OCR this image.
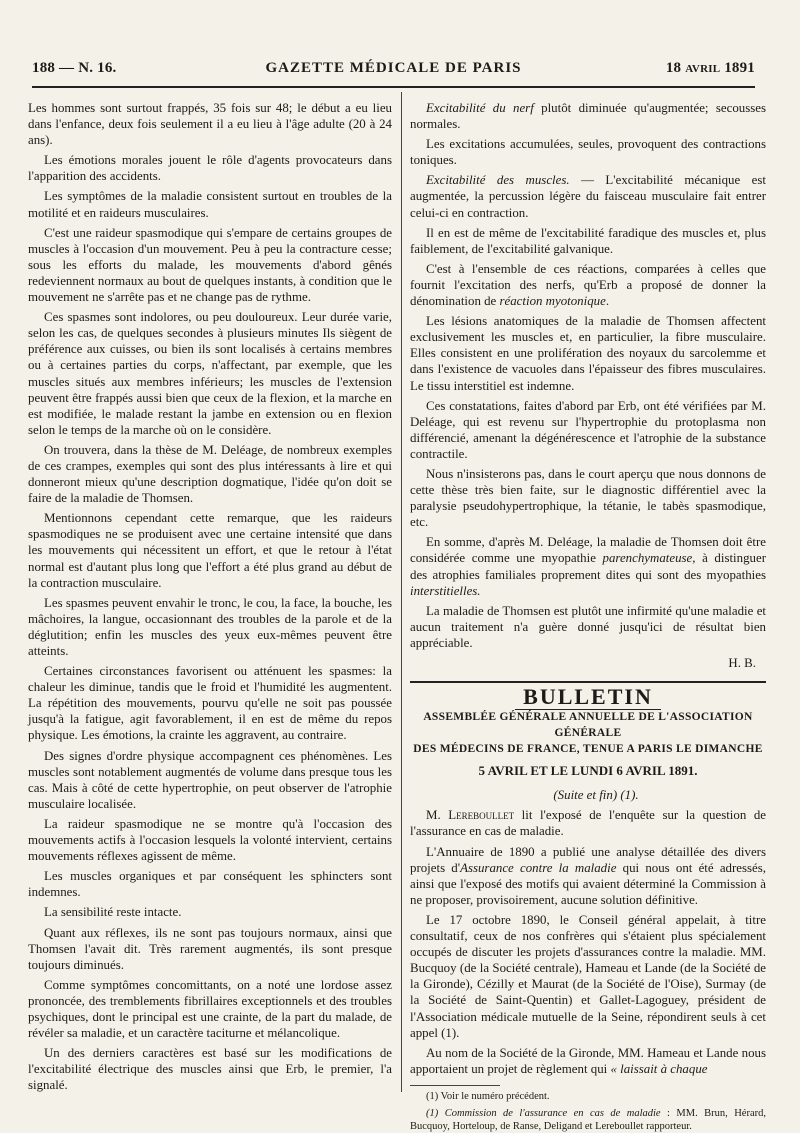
188 — N. 16.	GAZETTE MÉDICALE DE PARIS	18 AVRIL 1891

Les hommes sont surtout frappés, 35 fois sur 48; le début a eu lieu dans l'enfance, deux fois seulement il a eu lieu à l'âge adulte (20 à 24 ans).

Les émotions morales jouent le rôle d'agents provocateurs dans l'apparition des accidents.

Les symptômes de la maladie consistent surtout en troubles de la motilité et en raideurs musculaires.

C'est une raideur spasmodique qui s'empare de certains groupes de muscles à l'occasion d'un mouvement. Peu à peu la contracture cesse; sous les efforts du malade, les mouvements d'abord gênés redeviennent normaux au bout de quelques instants, à condition que le mouvement ne s'arrête pas et ne change pas de rythme.

Ces spasmes sont indolores, ou peu douloureux. Leur durée varie, selon les cas, de quelques secondes à plusieurs minutes Ils siègent de préférence aux cuisses, ou bien ils sont localisés à certains membres ou à certaines parties du corps, n'affectant, par exemple, que les muscles situés aux membres inférieurs; les muscles de l'extension peuvent être frappés aussi bien que ceux de la flexion, et la marche en est modifiée, le malade restant la jambe en extension ou en flexion selon le temps de la marche où on le considère.

On trouvera, dans la thèse de M. Deléage, de nombreux exemples de ces crampes, exemples qui sont des plus intéressants à lire et qui donneront mieux qu'une description dogmatique, l'idée qu'on doit se faire de la maladie de Thomsen.

Mentionnons cependant cette remarque, que les raideurs spasmodiques ne se produisent avec une certaine intensité que dans les mouvements qui nécessitent un effort, et que le retour à l'état normal est d'autant plus long que l'effort a été plus grand au début de la contraction musculaire.

Les spasmes peuvent envahir le tronc, le cou, la face, la bouche, les mâchoires, la langue, occasionnant des troubles de la parole et de la déglutition; enfin les muscles des yeux eux-mêmes peuvent être atteints.

Certaines circonstances favorisent ou atténuent les spasmes: la chaleur les diminue, tandis que le froid et l'humidité les augmentent. La répétition des mouvements, pourvu qu'elle ne soit pas poussée jusqu'à la fatigue, agit favorablement, il en est de même du repos physique. Les émotions, la crainte les aggravent, au contraire.

Des signes d'ordre physique accompagnent ces phénomènes. Les muscles sont notablement augmentés de volume dans presque tous les cas. Mais à côté de cette hypertrophie, on peut observer de l'atrophie musculaire localisée.

La raideur spasmodique ne se montre qu'à l'occasion des mouvements actifs à l'occasion lesquels la volonté intervient, certains mouvements réflexes agissent de même.

Les muscles organiques et par conséquent les sphincters sont indemnes.

La sensibilité reste intacte.

Quant aux réflexes, ils ne sont pas toujours normaux, ainsi que Thomsen l'avait dit. Très rarement augmentés, ils sont presque toujours diminués.

Comme symptômes concomittants, on a noté une lordose assez prononcée, des tremblements fibrillaires exceptionnels et des troubles psychiques, dont le principal est une crainte, de la part du malade, de révéler sa maladie, et un caractère taciturne et mélancolique.

Un des derniers caractères est basé sur les modifications de l'excitabilité électrique des muscles ainsi que Erb, le premier, l'a signalé.

Excitabilité du nerf plutôt diminuée qu'augmentée; secousses normales.

Les excitations accumulées, seules, provoquent des contractions toniques.

Excitabilité des muscles. — L'excitabilité mécanique est augmentée, la percussion légère du faisceau musculaire fait entrer celui-ci en contraction.

Il en est de même de l'excitabilité faradique des muscles et, plus faiblement, de l'excitabilité galvanique.

C'est à l'ensemble de ces réactions, comparées à celles que fournit l'excitation des nerfs, qu'Erb a proposé de donner la dénomination de réaction myotonique.

Les lésions anatomiques de la maladie de Thomsen affectent exclusivement les muscles et, en particulier, la fibre musculaire. Elles consistent en une prolifération des noyaux du sarcolemme et dans l'existence de vacuoles dans l'épaisseur des fibres musculaires. Le tissu interstitiel est indemne.

Ces constatations, faites d'abord par Erb, ont été vérifiées par M. Deléage, qui est revenu sur l'hypertrophie du protoplasma non différencié, amenant la dégénérescence et l'atrophie de la substance contractile.

Nous n'insisterons pas, dans le court aperçu que nous donnons de cette thèse très bien faite, sur le diagnostic différentiel avec la paralysie pseudohypertrophique, la tétanie, le tabès spasmodique, etc.

En somme, d'après M. Deléage, la maladie de Thomsen doit être considérée comme une myopathie parenchymateuse, à distinguer des atrophies familiales proprement dites qui sont des myopathies interstitielles.

La maladie de Thomsen est plutôt une infirmité qu'une maladie et aucun traitement n'a guère donné jusqu'ici de résultat bien appréciable.

H. B.

BULLETIN
ASSEMBLÉE GÉNÉRALE ANNUELLE DE L'ASSOCIATION GÉNÉRALE
DES MÉDECINS DE FRANCE, TENUE A PARIS LE DIMANCHE
5 AVRIL ET LE LUNDI 6 AVRIL 1891.

(Suite et fin) (1).

M. Lereboullet lit l'exposé de l'enquête sur la question de l'assurance en cas de maladie.

L'Annuaire de 1890 a publié une analyse détaillée des divers projets d'Assurance contre la maladie qui nous ont été adressés, ainsi que l'exposé des motifs qui avaient déterminé la Commission à ne proposer, provisoirement, aucune solution définitive.

Le 17 octobre 1890, le Conseil général appelait, à titre consultatif, ceux de nos confrères qui s'étaient plus spécialement occupés de discuter les projets d'assurances contre la maladie. MM. Bucquoy (de la Société centrale), Hameau et Lande (de la Société de la Gironde), Cézilly et Maurat (de la Société de l'Oise), Surmay (de la Société de Saint-Quentin) et Gallet-Lagoguey, président de l'Association médicale mutuelle de la Seine, répondirent seuls à cet appel (1).

Au nom de la Société de la Gironde, MM. Hameau et Lande nous apportaient un projet de règlement qui « laissait à chaque

(1) Voir le numéro précédent.

(1) Commission de l'assurance en cas de maladie : MM. Brun, Hérard, Bucquoy, Horteloup, de Ranse, Deligand et Lereboullet rapporteur.
